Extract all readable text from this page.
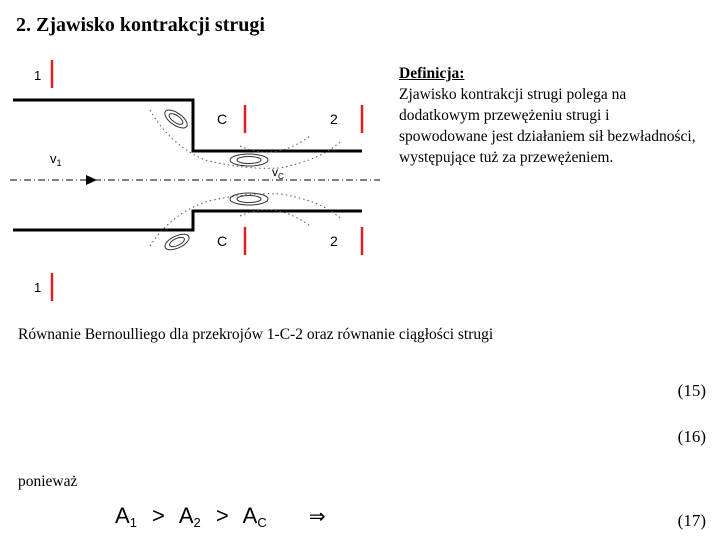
2. Zjawisko kontrakcji strugi
1
1
C
C
2
2
$v_1$
$v_C$
Definicja:
Zjawisko kontrakcji strugi polega na dodatkowym przewężeniu strugi i spowodowane jest działaniem sił bezwładności, występujące tuż za przewężeniem.
Równanie Bernoulliego dla przekrojów 1-C-2 oraz równanie ciągłości strugi
(15)
(16)
ponieważ
$A_1 > A_2 > A_C$ ⇒	(17)
